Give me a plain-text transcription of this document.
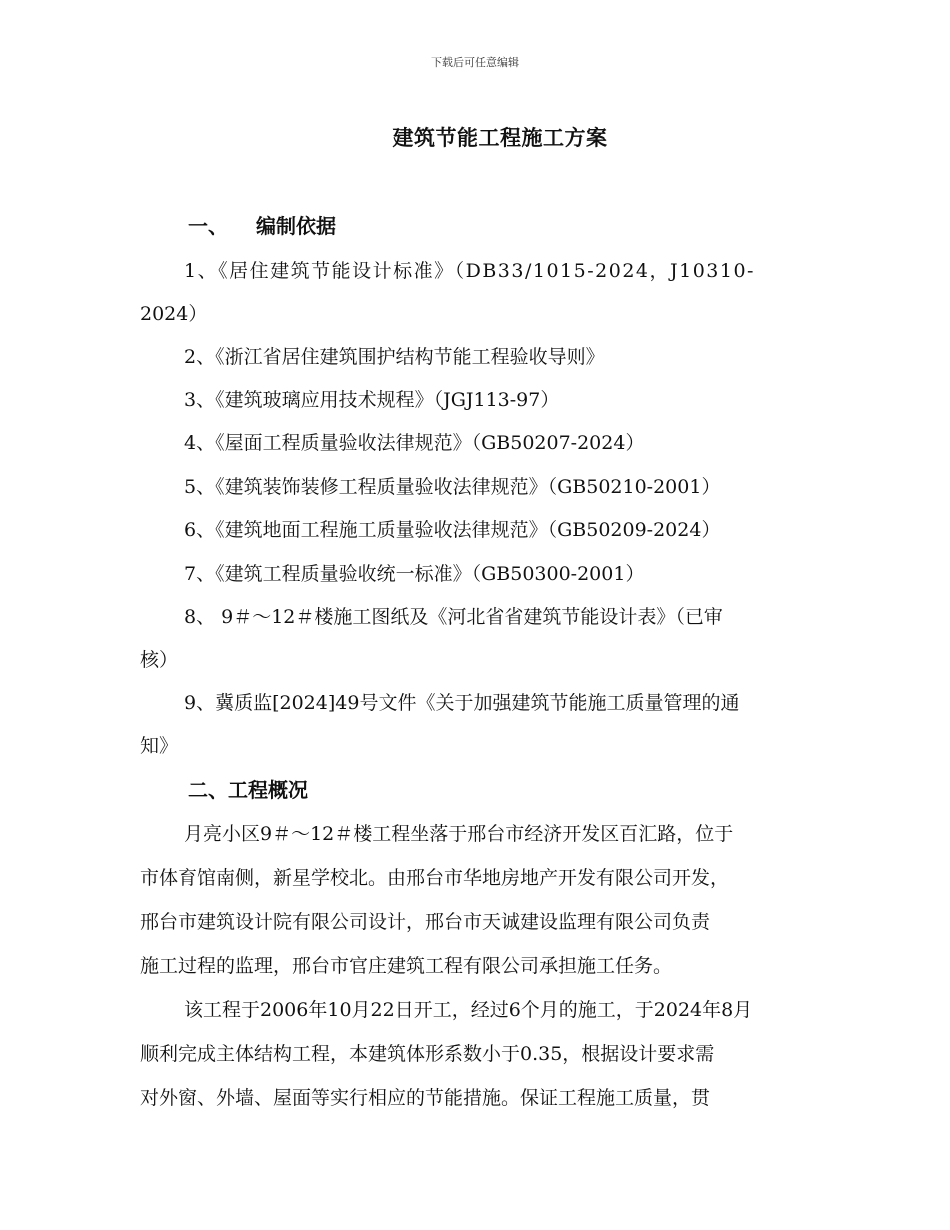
下载后可任意编辑
建筑节能工程施工方案
一、 编制依据
1、《居住建筑节能设计标准》（DB33/1015-2024，J10310-
2024）
2、《浙江省居住建筑围护结构节能工程验收导则》
3、《建筑玻璃应用技术规程》（JGJ113-97）
4、《屋面工程质量验收法律规范》（GB50207-2024）
5、《建筑装饰装修工程质量验收法律规范》（GB50210-2001）
6、《建筑地面工程施工质量验收法律规范》（GB50209-2024）
7、《建筑工程质量验收统一标准》（GB50300-2001）
8、 9＃～12＃楼施工图纸及《河北省省建筑节能设计表》（已审
核）
9、冀质监[2024]49号文件《关于加强建筑节能施工质量管理的通
知》
二、工程概况
月亮小区9＃～12＃楼工程坐落于邢台市经济开发区百汇路，位于
市体育馆南侧，新星学校北。由邢台市华地房地产开发有限公司开发，
邢台市建筑设计院有限公司设计，邢台市天诚建设监理有限公司负责
施工过程的监理，邢台市官庄建筑工程有限公司承担施工任务。
该工程于2006年10月22日开工，经过6个月的施工，于2024年8月
顺利完成主体结构工程，本建筑体形系数小于0.35，根据设计要求需
对外窗、外墙、屋面等实行相应的节能措施。保证工程施工质量，贯
